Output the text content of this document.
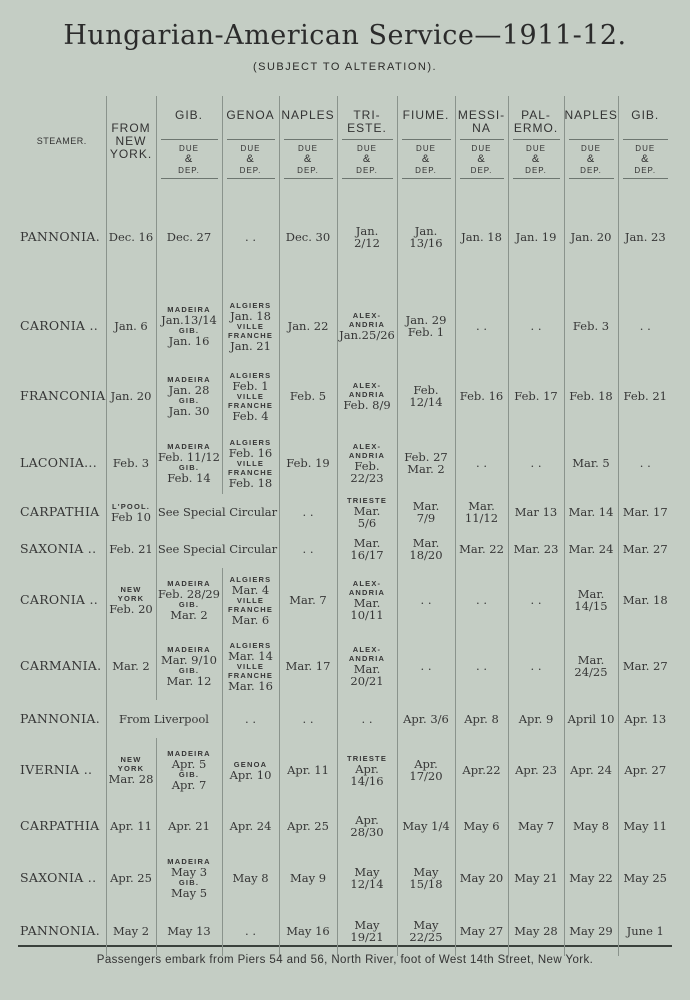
Hungarian-American Service—1911-12.
(SUBJECT TO ALTERATION).
STEAMER.	FROM NEW YORK.	GIB.
DUE
&
DEP.	GENOA
DUE
&
DEP.	NAPLES
DUE
&
DEP.	TRI-ESTE.
DUE
&
DEP.	FIUME.
DUE
&
DEP.	MESSI-NA
DUE
&
DEP.	PAL-ERMO.
DUE
&
DEP.	NAPLES
DUE
&
DEP.	GIB.
DUE
&
DEP.

PANNONIA.	Dec. 16	Dec. 27	. .	Dec. 30	Jan.
2/12	Jan.
13/16	Jan. 18	Jan. 19	Jan. 20	Jan. 23

CARONIA ..	Jan. 6	MADEIRA
Jan.13/14
GIB.
Jan. 16	ALGIERS
Jan. 18
VILLE
FRANCHE
Jan. 21	Jan. 22	ALEX-
ANDRIA
Jan.25/26	Jan. 29
Feb. 1	. .	. .	Feb. 3	. .

FRANCONIA	Jan. 20	MADEIRA
Jan. 28
GIB.
Jan. 30	ALGIERS
Feb. 1
VILLE
FRANCHE
Feb. 4	Feb. 5	ALEX-
ANDRIA
Feb. 8/9	Feb.
12/14	Feb. 16	Feb. 17	Feb. 18	Feb. 21

LACONIA...	Feb. 3	MADEIRA
Feb. 11/12
GIB.
Feb. 14	ALGIERS
Feb. 16
VILLE
FRANCHE
Feb. 18	Feb. 19	ALEX-
ANDRIA
Feb.
22/23	Feb. 27
Mar. 2	. .	. .	Mar. 5	. .

CARPATHIA	L'POOL.
Feb 10	See Special Circular		. .	TRIESTE
Mar.
5/6	Mar.
7/9	Mar.
11/12	Mar 13	Mar. 14	Mar. 17

SAXONIA ..	Feb. 21	See Special Circular		. .	Mar.
16/17	Mar.
18/20	Mar. 22	Mar. 23	Mar. 24	Mar. 27

CARONIA ..	NEW
YORK
Feb. 20	MADEIRA
Feb. 28/29
GIB.
Mar. 2	ALGIERS
Mar. 4
VILLE
FRANCHE
Mar. 6	Mar. 7	ALEX-
ANDRIA
Mar.
10/11	. .	. .	. .	Mar.
14/15	Mar. 18

CARMANIA.	Mar. 2	MADEIRA
Mar. 9/10
GIB.
Mar. 12	ALGIERS
Mar. 14
VILLE
FRANCHE
Mar. 16	Mar. 17	ALEX-
ANDRIA
Mar.
20/21	. .	. .	. .	Mar.
24/25	Mar. 27

PANNONIA.	From Liverpool		. .	. .	. .	Apr. 3/6	Apr. 8	Apr. 9	April 10	Apr. 13

IVERNIA ..	NEW
YORK
Mar. 28	MADEIRA
Apr. 5
GIB.
Apr. 7	GENOA
Apr. 10	Apr. 11	TRIESTE
Apr.
14/16	Apr.
17/20	Apr.22	Apr. 23	Apr. 24	Apr. 27

CARPATHIA	Apr. 11	Apr. 21	Apr. 24	Apr. 25	Apr.
28/30	May 1/4	May 6	May 7	May 8	May 11

SAXONIA ..	Apr. 25	MADEIRA
May 3
GIB.
May 5	May 8	May 9	May
12/14	May
15/18	May 20	May 21	May 22	May 25

PANNONIA.	May 2	May 13	. .	May 16	May
19/21	May
22/25	May 27	May 28	May 29	June 1
Passengers embark from Piers 54 and 56, North River, foot of West 14th Street, New York.
